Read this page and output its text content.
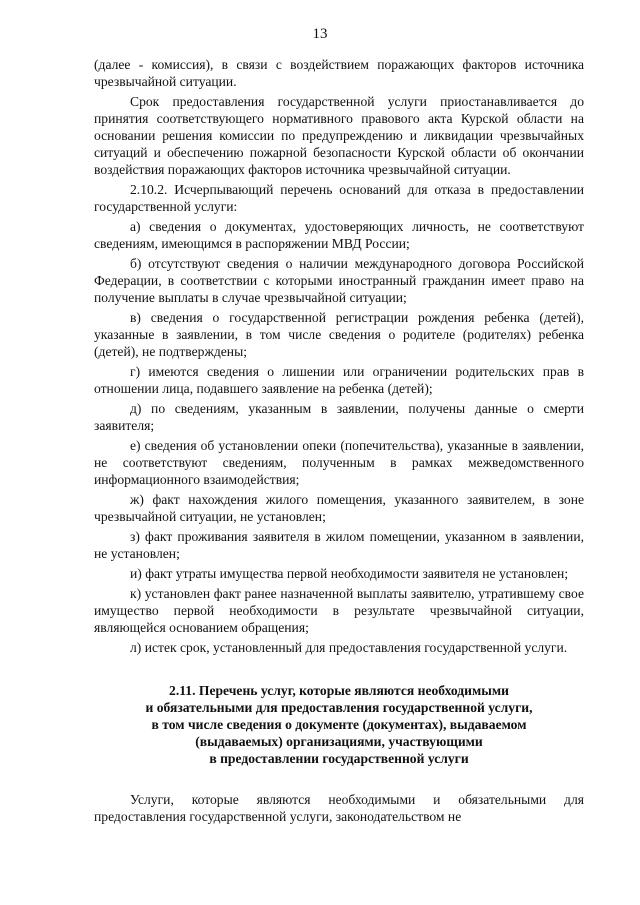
13

(далее - комиссия), в связи с воздействием поражающих факторов источника чрезвычайной ситуации.

Срок предоставления государственной услуги приостанавливается до принятия соответствующего нормативного правового акта Курской области на основании решения комиссии по предупреждению и ликвидации чрезвычайных ситуаций и обеспечению пожарной безопасности Курской области об окончании воздействия поражающих факторов источника чрезвычайной ситуации.

2.10.2. Исчерпывающий перечень оснований для отказа в предоставлении государственной услуги:

а) сведения о документах, удостоверяющих личность, не соответствуют сведениям, имеющимся в распоряжении МВД России;

б) отсутствуют сведения о наличии международного договора Российской Федерации, в соответствии с которыми иностранный гражданин имеет право на получение выплаты в случае чрезвычайной ситуации;

в) сведения о государственной регистрации рождения ребенка (детей), указанные в заявлении, в том числе сведения о родителе (родителях) ребенка (детей), не подтверждены;

г) имеются сведения о лишении или ограничении родительских прав в отношении лица, подавшего заявление на ребенка (детей);

д) по сведениям, указанным в заявлении, получены данные о смерти заявителя;

е) сведения об установлении опеки (попечительства), указанные в заявлении, не соответствуют сведениям, полученным в рамках межведомственного информационного взаимодействия;

ж) факт нахождения жилого помещения, указанного заявителем, в зоне чрезвычайной ситуации, не установлен;

з) факт проживания заявителя в жилом помещении, указанном в заявлении, не установлен;

и) факт утраты имущества первой необходимости заявителя не установлен;

к) установлен факт ранее назначенной выплаты заявителю, утратившему свое имущество первой необходимости в результате чрезвычайной ситуации, являющейся основанием обращения;

л) истек срок, установленный для предоставления государственной услуги.

2.11. Перечень услуг, которые являются необходимыми
и обязательными для предоставления государственной услуги,
в том числе сведения о документе (документах), выдаваемом
(выдаваемых) организациями, участвующими
в предоставлении государственной услуги

Услуги, которые являются необходимыми и обязательными для предоставления государственной услуги, законодательством не
